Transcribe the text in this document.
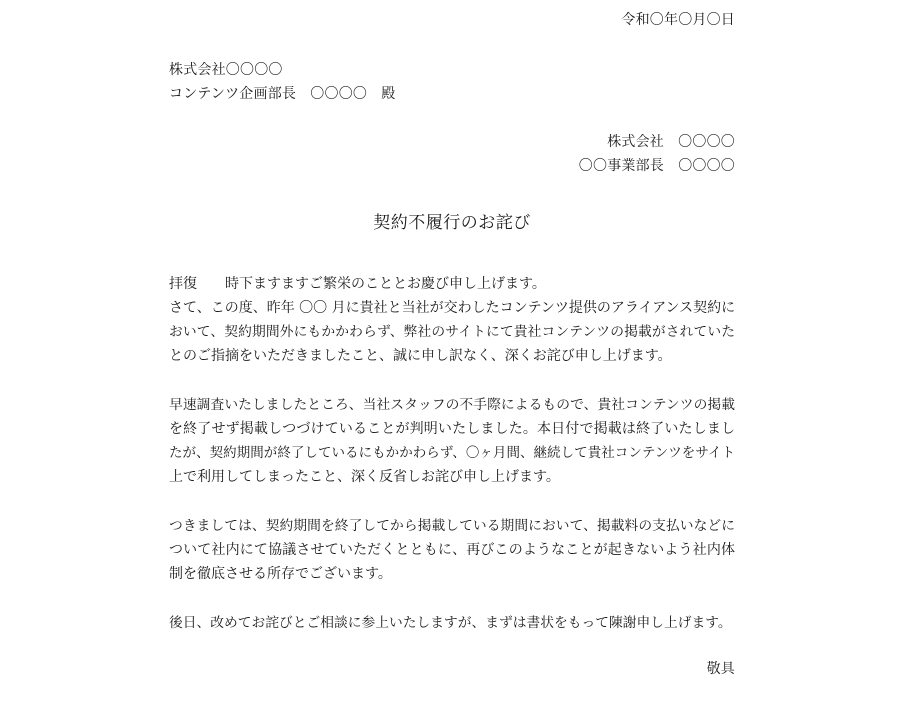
令和〇年〇月〇日
株式会社〇〇〇〇
コンテンツ企画部長　〇〇〇〇　殿
株式会社　〇〇〇〇
〇〇事業部長　〇〇〇〇
契約不履行のお詫び
拝復　　時下ますますご繁栄のこととお慶び申し上げます。
さて、この度、昨年 〇〇 月に貴社と当社が交わしたコンテンツ提供のアライアンス契約に
おいて、契約期間外にもかかわらず、弊社のサイトにて貴社コンテンツの掲載がされていた
とのご指摘をいただきましたこと、誠に申し訳なく、深くお詫び申し上げます。
早速調査いたしましたところ、当社スタッフの不手際によるもので、貴社コンテンツの掲載
を終了せず掲載しつづけていることが判明いたしました。本日付で掲載は終了いたしまし
たが、契約期間が終了しているにもかかわらず、〇ヶ月間、継続して貴社コンテンツをサイト
上で利用してしまったこと、深く反省しお詫び申し上げます。
つきましては、契約期間を終了してから掲載している期間において、掲載料の支払いなどに
ついて社内にて協議させていただくとともに、再びこのようなことが起きないよう社内体
制を徹底させる所存でございます。
後日、改めてお詫びとご相談に参上いたしますが、まずは書状をもって陳謝申し上げます。
敬具
